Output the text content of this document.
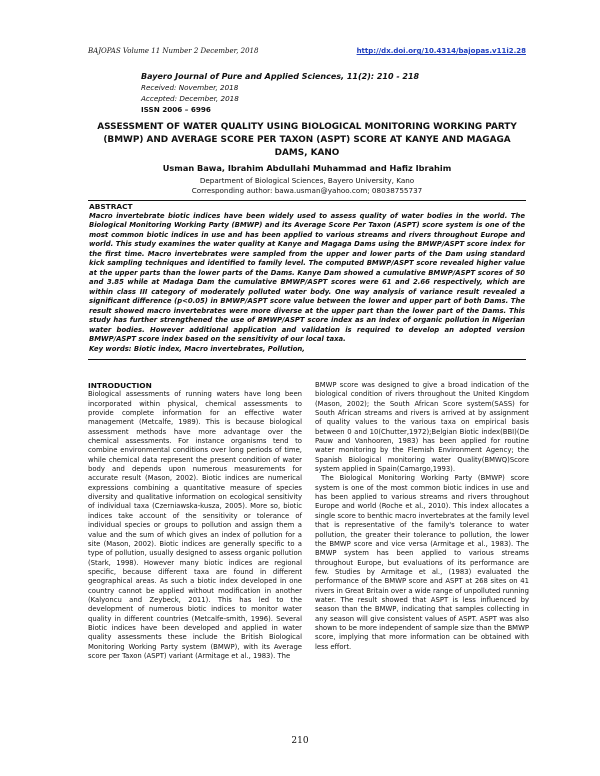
BAJOPAS Volume 11 Number 2 December, 2018	http://dx.doi.org/10.4314/bajopas.v11i2.28
Bayero Journal of Pure and Applied Sciences, 11(2): 210 - 218
Received: November, 2018
Accepted: December, 2018
ISSN 2006 – 6996
ASSESSMENT OF WATER QUALITY USING BIOLOGICAL MONITORING WORKING PARTY (BMWP) AND AVERAGE SCORE PER TAXON (ASPT) SCORE AT KANYE AND MAGAGA DAMS, KANO
Usman Bawa, Ibrahim Abdullahi Muhammad and Hafiz Ibrahim
Department of Biological Sciences, Bayero University, Kano
Corresponding author: bawa.usman@yahoo.com; 08038755737
ABSTRACT

Macro invertebrate biotic indices have been widely used to assess quality of water bodies in the world. The Biological Monitoring Working Party (BMWP) and its Average Score Per Taxon (ASPT) score system is one of the most common biotic indices in use and has been applied to various streams and rivers throughout Europe and world. This study examines the water quality at Kanye and Magaga Dams using the BMWP/ASPT score index for the first time. Macro invertebrates were sampled from the upper and lower parts of the Dam using standard kick sampling techniques and identified to family level. The computed BMWP/ASPT score revealed higher value at the upper parts than the lower parts of the Dams. Kanye Dam showed a cumulative BMWP/ASPT scores of 50 and 3.85 while at Madaga Dam the cumulative BMWP/ASPT scores were 61 and 2.66 respectively, which are within class III category of moderately polluted water body. One way analysis of variance result revealed a significant difference (p<0.05) in BMWP/ASPT score value between the lower and upper part of both Dams. The result showed macro invertebrates were more diverse at the upper part than the lower part of the Dams. This study has further strengthened the use of BMWP/ASPT score index as an index of organic pollution in Nigerian water bodies. However additional application and validation is required to develop an adopted version BMWP/ASPT score index based on the sensitivity of our local taxa.

Key words: Biotic index, Macro invertebrates, Pollution,

INTRODUCTION

Biological assessments of running waters have long been incorporated within physical, chemical assessments to provide complete information for an effective water management (Metcalfe, 1989). This is because biological assessment methods have more advantage over the chemical assessments. For instance organisms tend to combine environmental conditions over long periods of time, while chemical data represent the present condition of water body and depends upon numerous measurements for accurate result (Mason, 2002). Biotic indices are numerical expressions combining a quantitative measure of species diversity and qualitative information on ecological sensitivity of individual taxa (Czerniawska-kusza, 2005). More so, biotic indices take account of the sensitivity or tolerance of individual species or groups to pollution and assign them a value and the sum of which gives an index of pollution for a site (Mason, 2002). Biotic indices are generally specific to a type of pollution, usually designed to assess organic pollution (Stark, 1998). However many biotic indices are regional specific, because different taxa are found in different geographical areas. As such a biotic index developed in one country cannot be applied without modification in another (Kalyoncu and Zeybeck, 2011). This has led to the development of numerous biotic indices to monitor water quality in different countries (Metcalfe-smith, 1996). Several Biotic indices have been developed and applied in water quality assessments these include the British Biological Monitoring Working Party system (BMWP), with its Average score per Taxon (ASPT) variant (Armitage et al., 1983). The

BMWP score was designed to give a broad indication of the biological condition of rivers throughout the United Kingdom (Mason, 2002); the South African Score system(SASS) for South African streams and rivers is arrived at by assignment of quality values to the various taxa on empirical basis between 0 and 10(Chutter,1972);Belgian Biotic index(BBI)(De Pauw and Vanhooren, 1983) has been applied for routine water monitoring by the Flemish Environment Agency; the Spanish Biological monitoring water Quality(BMWQ)Score system applied in Spain(Camargo,1993).

The Biological Monitoring Working Party (BMWP) score system is one of the most common biotic indices in use and has been applied to various streams and rivers throughout Europe and world (Roche et al., 2010). This index allocates a single score to benthic macro invertebrates at the family level that is representative of the family's tolerance to water pollution, the greater their tolerance to pollution, the lower the BMWP score and vice versa (Armitage et al., 1983). The BMWP system has been applied to various streams throughout Europe, but evaluations of its performance are few. Studies by Armitage et al., (1983) evaluated the performance of the BMWP score and ASPT at 268 sites on 41 rivers in Great Britain over a wide range of unpolluted running water. The result showed that ASPT is less influenced by season than the BMWP, indicating that samples collecting in any season will give consistent values of ASPT. ASPT was also shown to be more independent of sample size than the BMWP score, implying that more information can be obtained with less effort.

210
